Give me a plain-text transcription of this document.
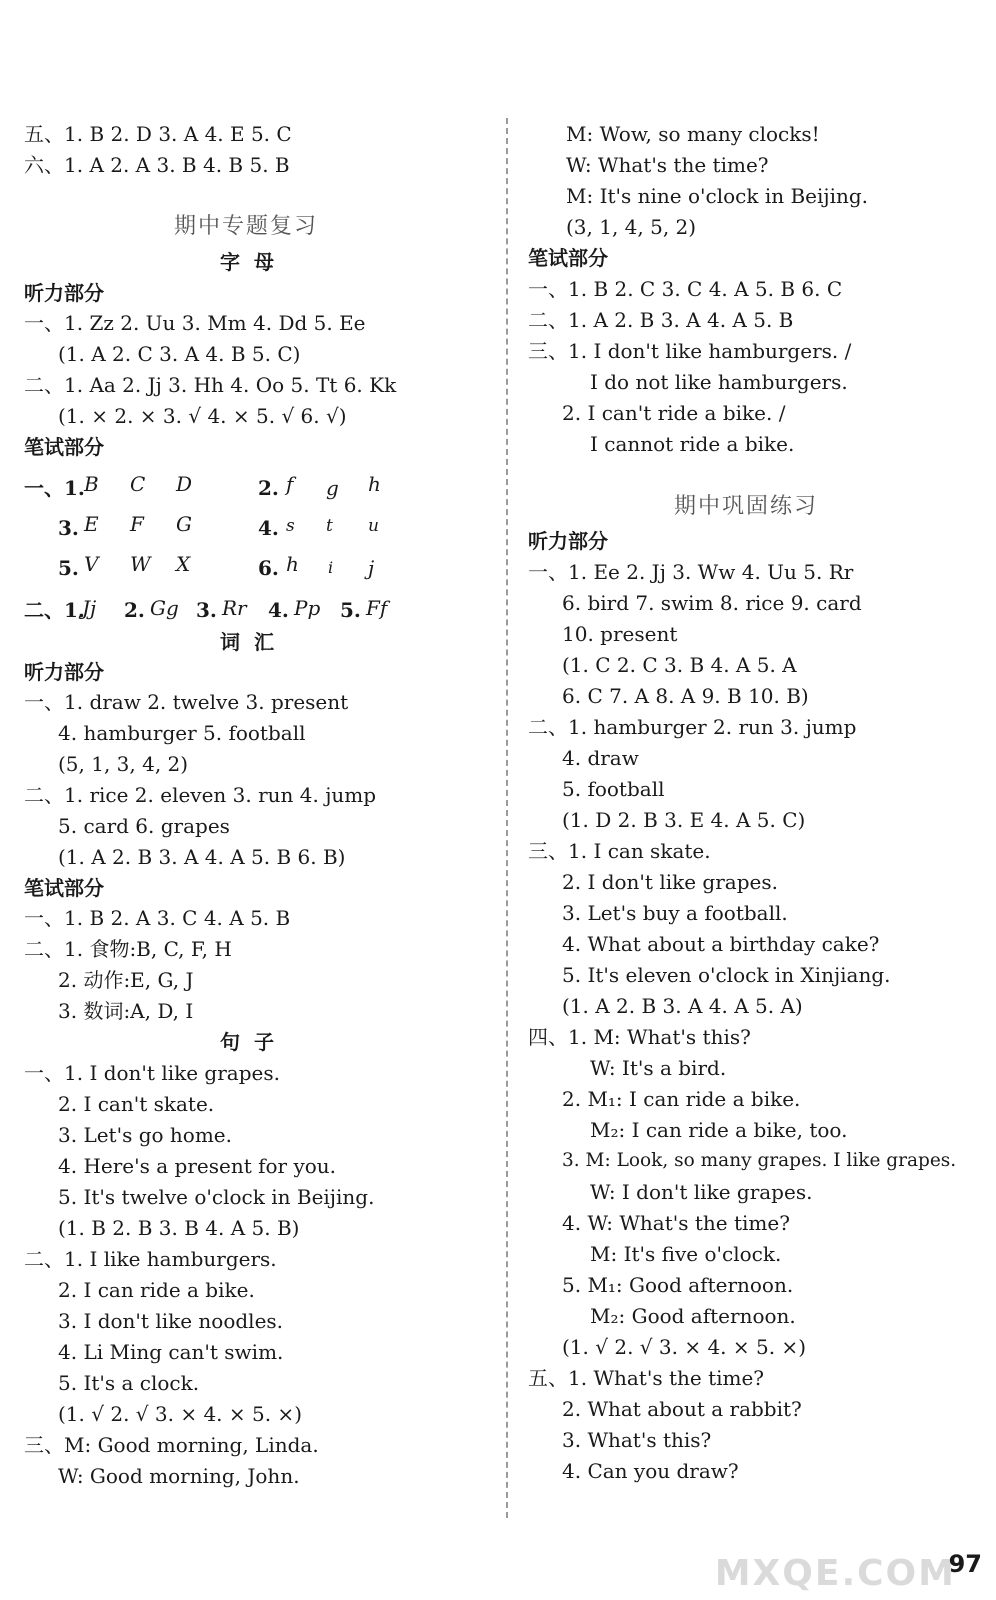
五、1. B 2. D 3. A 4. E 5. C
六、1. A 2. A 3. B 4. B 5. B
期中专题复习
字母
听力部分
一、1. Zz 2. Uu 3. Mm 4. Dd 5. Ee
(1. A 2. C 3. A 4. B 5. C)
二、1. Aa 2. Jj 3. Hh 4. Oo 5. Tt 6. Kk
(1. × 2. × 3. √ 4. × 5. √ 6. √)
笔试部分
一、1. B C D	2. f g h
3. E F G	4. s t u
5. V W X	6. h i j
二、1.
Jj 2. Gg 3. Rr 4. Pp 5. Ff
词汇
听力部分
一、1. draw 2. twelve 3. present
4. hamburger 5. football
(5, 1, 3, 4, 2)
二、1. rice 2. eleven 3. run 4. jump
5. card 6. grapes
(1. A 2. B 3. A 4. A 5. B 6. B)
笔试部分
一、1. B 2. A 3. C 4. A 5. B
二、1. 食物:B, C, F, H
2. 动作:E, G, J
3. 数词:A, D, I
句子
一、1. I don't like grapes.
2. I can't skate.
3. Let's go home.
4. Here's a present for you.
5. It's twelve o'clock in Beijing.
(1. B 2. B 3. B 4. A 5. B)
二、1. I like hamburgers.
2. I can ride a bike.
3. I don't like noodles.
4. Li Ming can't swim.
5. It's a clock.
(1. √ 2. √ 3. × 4. × 5. ×)
三、M: Good morning, Linda.
W: Good morning, John.
M: Wow, so many clocks!
W: What's the time?
M: It's nine o'clock in Beijing.
(3, 1, 4, 5, 2)
笔试部分
一、1. B 2. C 3. C 4. A 5. B 6. C
二、1. A 2. B 3. A 4. A 5. B
三、1. I don't like hamburgers. /
I do not like hamburgers.
2. I can't ride a bike. /
I cannot ride a bike.
期中巩固练习
听力部分
一、1. Ee 2. Jj 3. Ww 4. Uu 5. Rr
6. bird 7. swim 8. rice 9. card
10. present
(1. C 2. C 3. B 4. A 5. A
6. C 7. A 8. A 9. B 10. B)
二、1. hamburger 2. run 3. jump
4. draw
5. football
(1. D 2. B 3. E 4. A 5. C)
三、1. I can skate.
2. I don't like grapes.
3. Let's buy a football.
4. What about a birthday cake?
5. It's eleven o'clock in Xinjiang.
(1. A 2. B 3. A 4. A 5. A)
四、1. M: What's this?
W: It's a bird.
2. M₁: I can ride a bike.
M₂: I can ride a bike, too.
3. M: Look, so many grapes. I like grapes.
W: I don't like grapes.
4. W: What's the time?
M: It's five o'clock.
5. M₁: Good afternoon.
M₂: Good afternoon.
(1. √ 2. √ 3. × 4. × 5. ×)
五、1. What's the time?
2. What about a rabbit?
3. What's this?
4. Can you draw?
MXQE.COM
97
